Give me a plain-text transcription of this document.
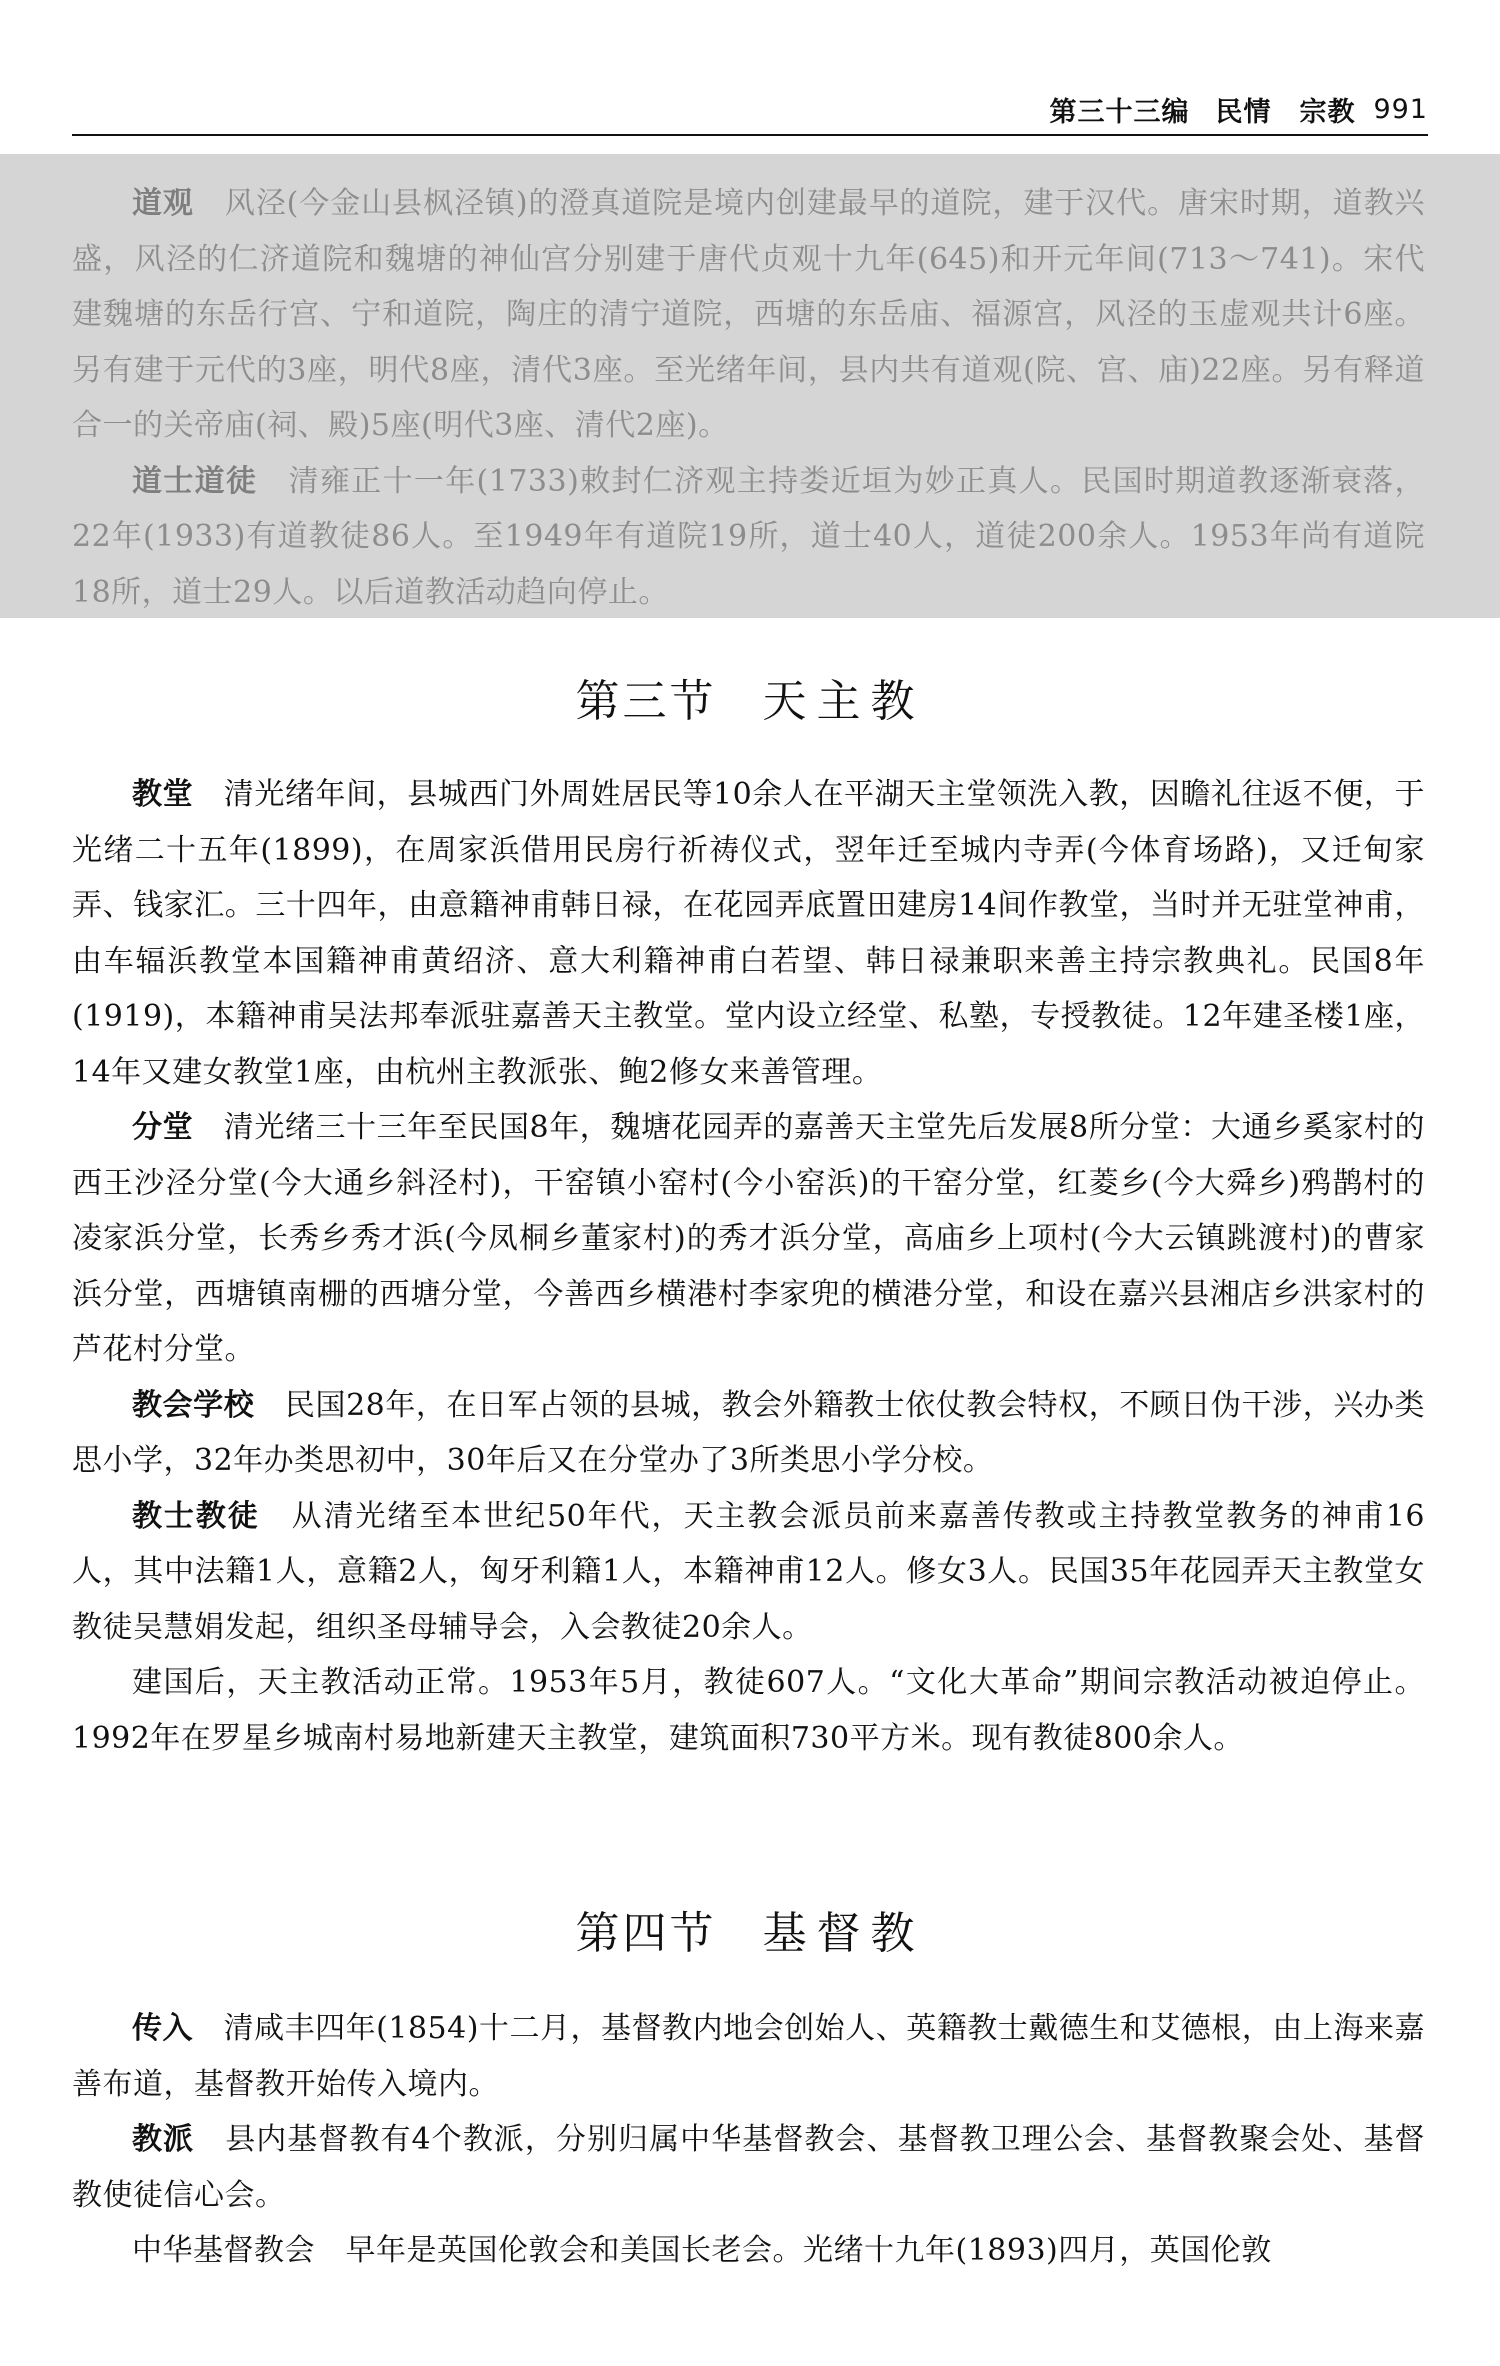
第三十三编 民情　宗教 991

道观　 风泾(今金山县枫泾镇)的澄真道院是境内创建最早的道院，建于汉代。唐宋时期，道教兴盛，风泾的仁济道院和魏塘的神仙宫分别建于唐代贞观十九年(645)和开元年间(713～741)。宋代建魏塘的东岳行宫、宁和道院，陶庄的清宁道院，西塘的东岳庙、福源宫，风泾的玉虚观共计6座。另有建于元代的3座，明代8座，清代3座。至光绪年间，县内共有道观(院、宫、庙)22座。另有释道合一的关帝庙(祠、殿)5座(明代3座、清代2座)。

道士道徒　 清雍正十一年(1733)敕封仁济观主持娄近垣为妙正真人。民国时期道教逐渐衰落，22年(1933)有道教徒86人。至1949年有道院19所，道士40人，道徒200余人。1953年尚有道院18所，道士29人。以后道教活动趋向停止。

第三节 天主教

教堂　 清光绪年间，县城西门外周姓居民等10余人在平湖天主堂领洗入教，因瞻礼往返不便，于光绪二十五年(1899)，在周家浜借用民房行祈祷仪式，翌年迁至城内寺弄(今体育场路)，又迁甸家弄、钱家汇。三十四年，由意籍神甫韩日禄，在花园弄底置田建房14间作教堂，当时并无驻堂神甫，由车辐浜教堂本国籍神甫黄绍济、意大利籍神甫白若望、韩日禄兼职来善主持宗教典礼。民国8年(1919)，本籍神甫吴法邦奉派驻嘉善天主教堂。堂内设立经堂、私塾，专授教徒。12年建圣楼1座，14年又建女教堂1座，由杭州主教派张、鲍2修女来善管理。

分堂　 清光绪三十三年至民国8年，魏塘花园弄的嘉善天主堂先后发展8所分堂：大通乡奚家村的西王沙泾分堂(今大通乡斜泾村)，干窑镇小窑村(今小窑浜)的干窑分堂，红菱乡(今大舜乡)鸦鹊村的凌家浜分堂，长秀乡秀才浜(今凤桐乡董家村)的秀才浜分堂，高庙乡上项村(今大云镇跳渡村)的曹家浜分堂，西塘镇南栅的西塘分堂，今善西乡横港村李家兜的横港分堂，和设在嘉兴县湘店乡洪家村的芦花村分堂。

教会学校　 民国28年，在日军占领的县城，教会外籍教士依仗教会特权，不顾日伪干涉，兴办类思小学，32年办类思初中，30年后又在分堂办了3所类思小学分校。

教士教徒　 从清光绪至本世纪50年代，天主教会派员前来嘉善传教或主持教堂教务的神甫16人，其中法籍1人，意籍2人，匈牙利籍1人，本籍神甫12人。修女3人。民国35年花园弄天主教堂女教徒吴慧娟发起，组织圣母辅导会，入会教徒20余人。

建国后，天主教活动正常。1953年5月，教徒607人。“文化大革命”期间宗教活动被迫停止。1992年在罗星乡城南村易地新建天主教堂，建筑面积730平方米。现有教徒800余人。

第四节 基督教

传入　 清咸丰四年(1854)十二月，基督教内地会创始人、英籍教士戴德生和艾德根，由上海来嘉善布道，基督教开始传入境内。

教派　 县内基督教有4个教派，分别归属中华基督教会、基督教卫理公会、基督教聚会处、基督教使徒信心会。

中华基督教会　 早年是英国伦敦会和美国长老会。光绪十九年(1893)四月，英国伦敦
